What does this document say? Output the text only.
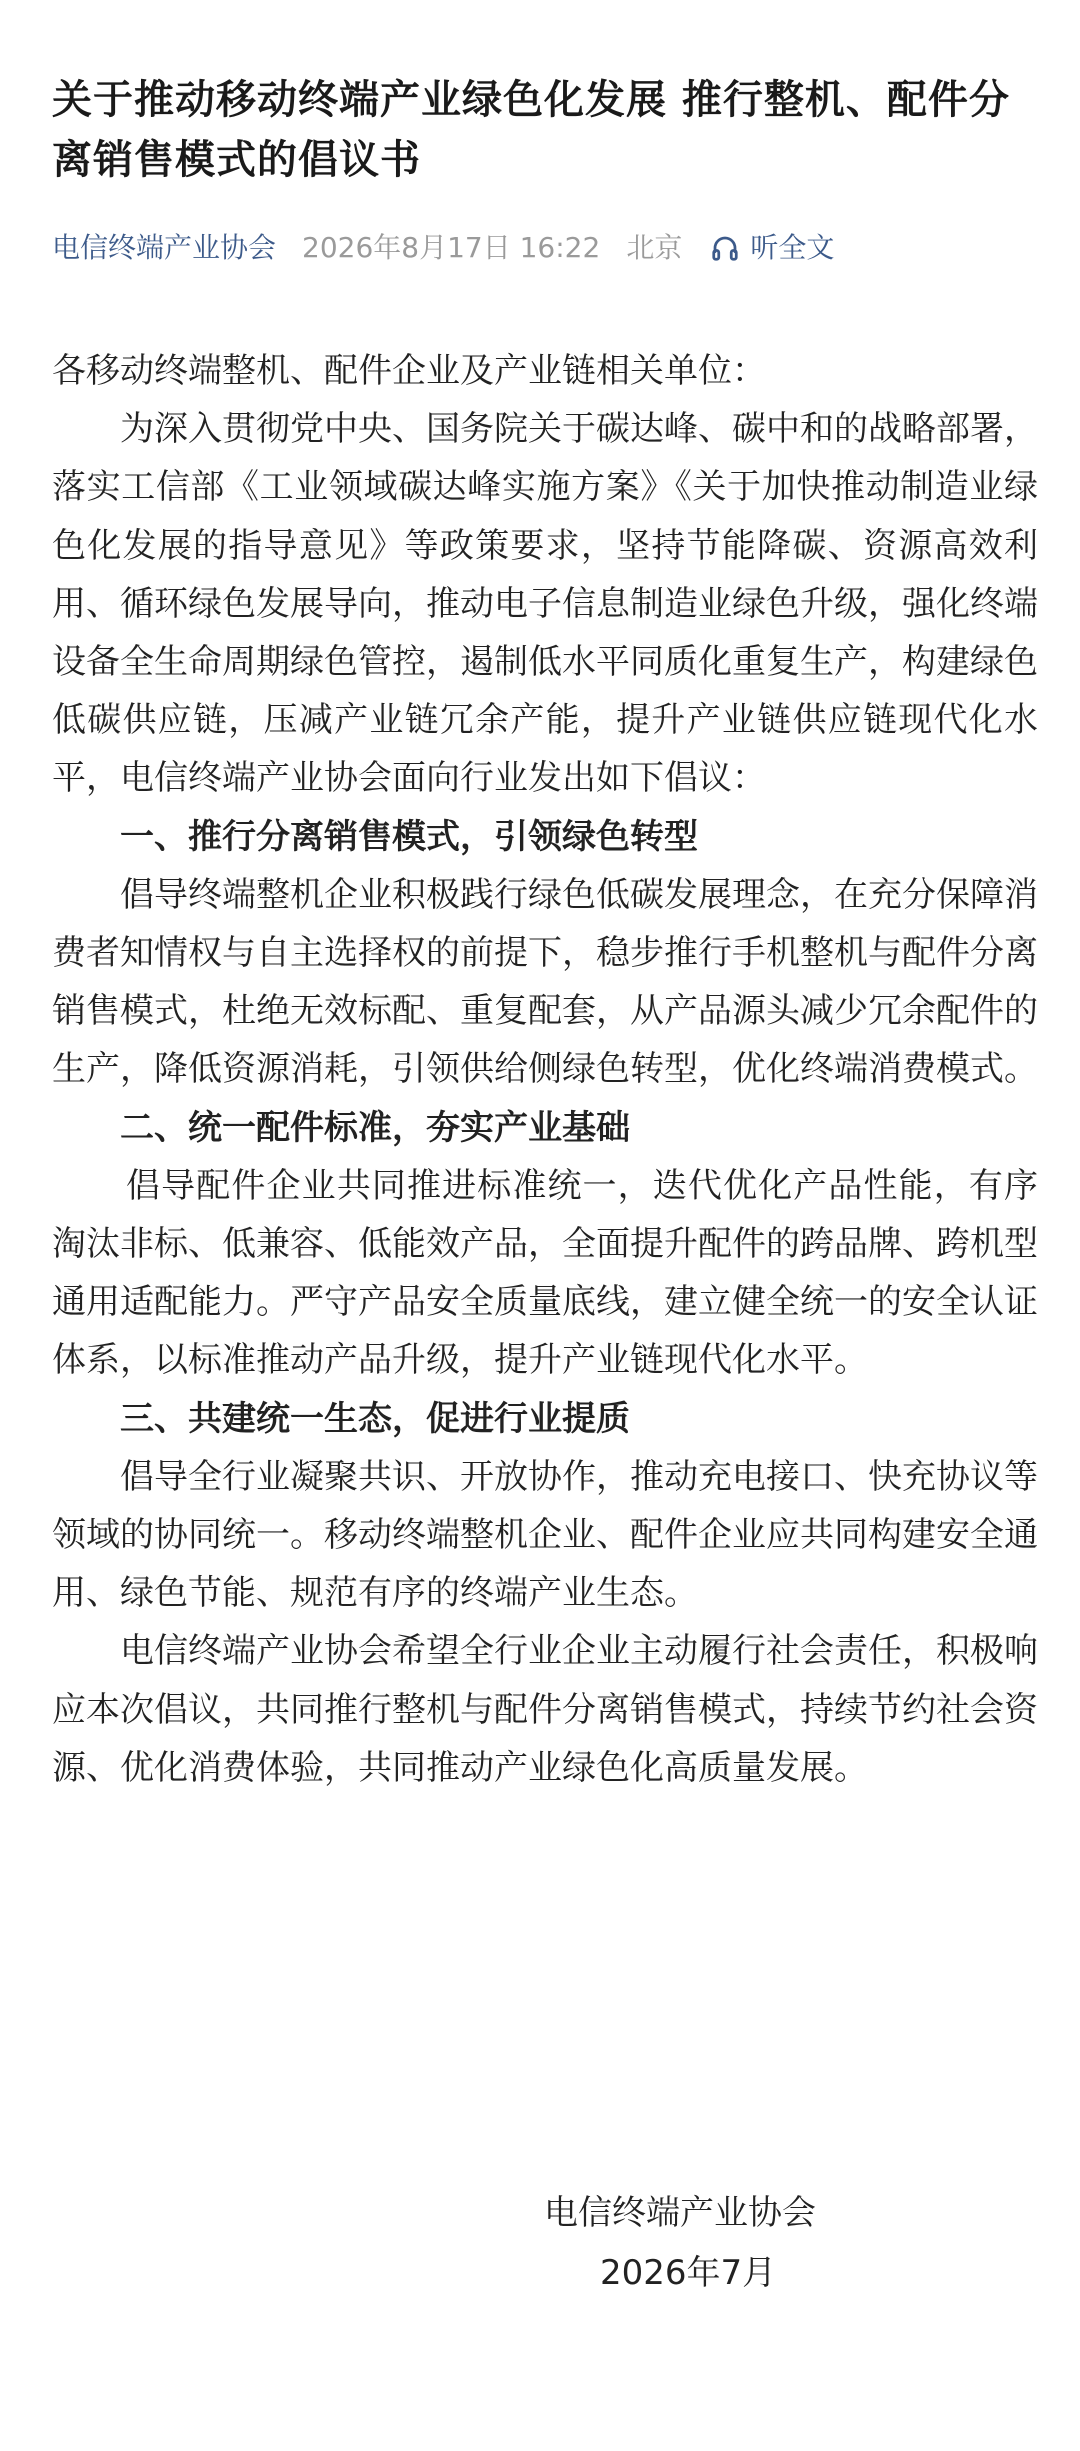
关于推动移动终端产业绿色化发展 推行整机、配件分离销售模式的倡议书
电信终端产业协会 2026年8月17日 16:22 北京 听全文

各移动终端整机、配件企业及产业链相关单位：

为深入贯彻党中央、国务院关于碳达峰、碳中和的战略部署，落实工信部《工业领域碳达峰实施方案》《关于加快推动制造业绿色化发展的指导意见》等政策要求，坚持节能降碳、资源高效利用、循环绿色发展导向，推动电子信息制造业绿色升级，强化终端设备全生命周期绿色管控，遏制低水平同质化重复生产，构建绿色低碳供应链，压减产业链冗余产能，提升产业链供应链现代化水平，电信终端产业协会面向行业发出如下倡议：

一、推行分离销售模式，引领绿色转型

倡导终端整机企业积极践行绿色低碳发展理念，在充分保障消费者知情权与自主选择权的前提下，稳步推行手机整机与配件分离销售模式，杜绝无效标配、重复配套，从产品源头减少冗余配件的生产，降低资源消耗，引领供给侧绿色转型，优化终端消费模式。

二、统一配件标准，夯实产业基础

倡导配件企业共同推进标准统一，迭代优化产品性能，有序淘汰非标、低兼容、低能效产品，全面提升配件的跨品牌、跨机型通用适配能力。严守产品安全质量底线，建立健全统一的安全认证体系，以标准推动产品升级，提升产业链现代化水平。

三、共建统一生态，促进行业提质

倡导全行业凝聚共识、开放协作，推动充电接口、快充协议等领域的协同统一。移动终端整机企业、配件企业应共同构建安全通用、绿色节能、规范有序的终端产业生态。

电信终端产业协会希望全行业企业主动履行社会责任，积极响应本次倡议，共同推行整机与配件分离销售模式，持续节约社会资源、优化消费体验，共同推动产业绿色化高质量发展。

电信终端产业协会
2026年7月
